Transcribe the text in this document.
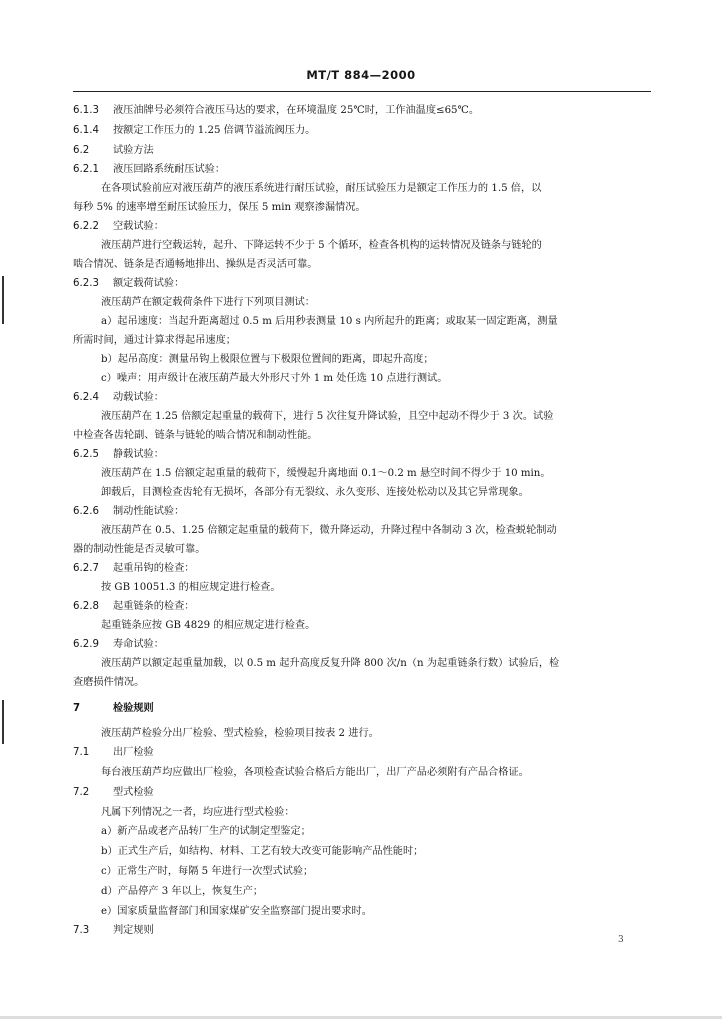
MT/T 884—2000
6.1.3 液压油牌号必须符合液压马达的要求，在环境温度 25℃时，工作油温度≤65℃。
6.1.4 按额定工作压力的 1.25 倍调节溢流阀压力。
6.2 试验方法
6.2.1 液压回路系统耐压试验：
在各项试验前应对液压葫芦的液压系统进行耐压试验，耐压试验压力是额定工作压力的 1.5 倍，以
每秒 5% 的速率增至耐压试验压力，保压 5 min 观察渗漏情况。
6.2.2 空载试验：
液压葫芦进行空载运转，起升、下降运转不少于 5 个循环，检查各机构的运转情况及链条与链轮的
啮合情况、链条是否通畅地排出、操纵是否灵活可靠。
6.2.3 额定载荷试验：
液压葫芦在额定载荷条件下进行下列项目测试：
a）起吊速度：当起升距离超过 0.5 m 后用秒表测量 10 s 内所起升的距离；或取某一固定距离，测量
所需时间，通过计算求得起吊速度；
b）起吊高度：测量吊钩上极限位置与下极限位置间的距离，即起升高度；
c）噪声：用声级计在液压葫芦最大外形尺寸外 1 m 处任选 10 点进行测试。
6.2.4 动载试验：
液压葫芦在 1.25 倍额定起重量的载荷下，进行 5 次往复升降试验，且空中起动不得少于 3 次。试验
中检查各齿轮副、链条与链轮的啮合情况和制动性能。
6.2.5 静载试验：
液压葫芦在 1.5 倍额定起重量的载荷下，缓慢起升离地面 0.1～0.2 m 悬空时间不得少于 10 min。
卸载后，目测检查齿轮有无损坏，各部分有无裂纹、永久变形、连接处松动以及其它异常现象。
6.2.6 制动性能试验：
液压葫芦在 0.5、1.25 倍额定起重量的载荷下，微升降运动，升降过程中各制动 3 次，检查蜕轮制动
器的制动性能是否灵敏可靠。
6.2.7 起重吊钩的检查：
按 GB 10051.3 的相应规定进行检查。
6.2.8 起重链条的检查：
起重链条应按 GB 4829 的相应规定进行检查。
6.2.9 寿命试验：
液压葫芦以额定起重量加载，以 0.5 m 起升高度反复升降 800 次/n（n 为起重链条行数）试验后，检
查磨损件情况。
7	检验规则
液压葫芦检验分出厂检验、型式检验，检验项目按表 2 进行。
7.1 出厂检验
每台液压葫芦均应做出厂检验，各项检查试验合格后方能出厂，出厂产品必须附有产品合格证。
7.2 型式检验
凡属下列情况之一者，均应进行型式检验：
a）新产品或老产品转厂生产的试制定型鉴定；
b）正式生产后，如结构、材料、工艺有较大改变可能影响产品性能时；
c）正常生产时，每隔 5 年进行一次型式试验；
d）产品停产 3 年以上，恢复生产；
e）国家质量监督部门和国家煤矿安全监察部门提出要求时。
7.3 判定规则
3
